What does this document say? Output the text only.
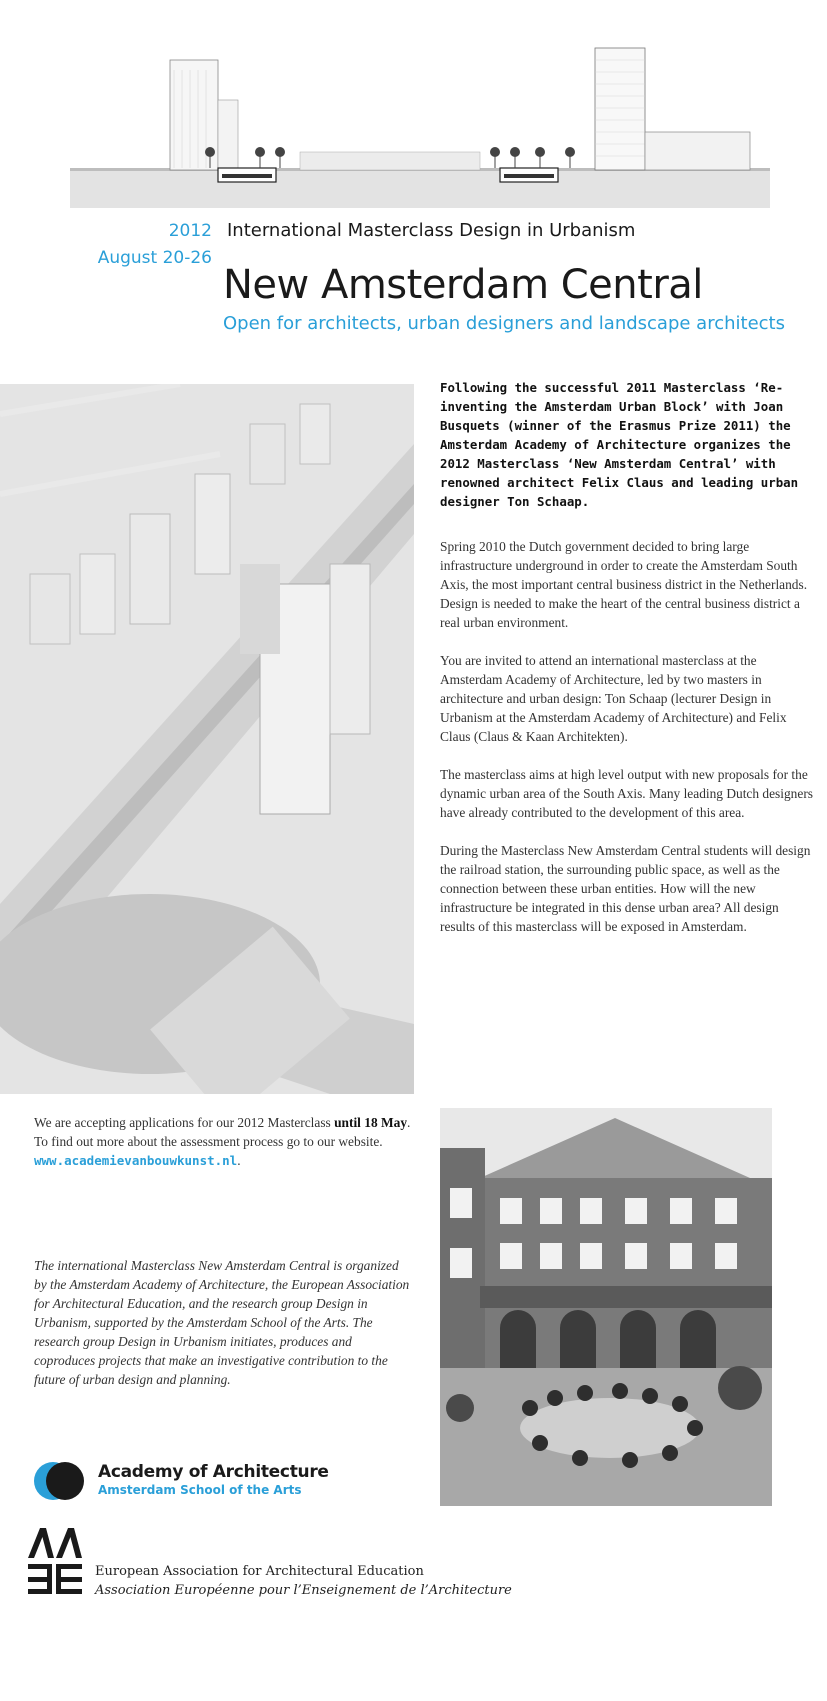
2012
August 20-26
International Masterclass Design in Urbanism
New Amsterdam Central
Open for architects, urban designers and landscape architects

Following the successful 2011 Masterclass ‘Re-inventing the Amsterdam Urban Block’ with Joan Busquets (winner of the Erasmus Prize 2011) the Amsterdam Academy of Architecture organizes the 2012 Masterclass ‘New Amsterdam Central’ with renowned architect Felix Claus and leading urban designer Ton Schaap.

Spring 2010 the Dutch government decided to bring large infrastructure underground in order to create the Amsterdam South Axis, the most important central business district in the Netherlands. Design is needed to make the heart of the central business district a real urban environment.

You are invited to attend an international masterclass at the Amsterdam Academy of Architecture, led by two masters in architecture and urban design: Ton Schaap (lecturer Design in Urbanism at the Amsterdam Academy of Architecture) and Felix Claus (Claus & Kaan Architekten).

The masterclass aims at high level output with new proposals for the dynamic urban area of the South Axis. Many leading Dutch designers have already contributed to the development of this area.

During the Masterclass New Amsterdam Central students will design the railroad station, the surrounding public space, as well as the connection between these urban entities. How will the new infrastructure be integrated in this dense urban area? All design results of this masterclass will be exposed in Amsterdam.

We are accepting applications for our 2012 Masterclass until 18 May. To find out more about the assessment process go to our website.
www.academievanbouwkunst.nl.
The international Masterclass New Amsterdam Central is organized by the Amsterdam Academy of Architecture, the European Association for Architectural Education, and the research group Design in Urbanism, supported by the Amsterdam School of the Arts. The research group Design in Urbanism initiates, produces and coproduces projects that make an investigative contribution to the future of urban design and planning.
Academy of Architecture
Amsterdam School of the Arts
European Association for Architectural Education
Association Européenne pour l’Enseignement de l’Architecture
